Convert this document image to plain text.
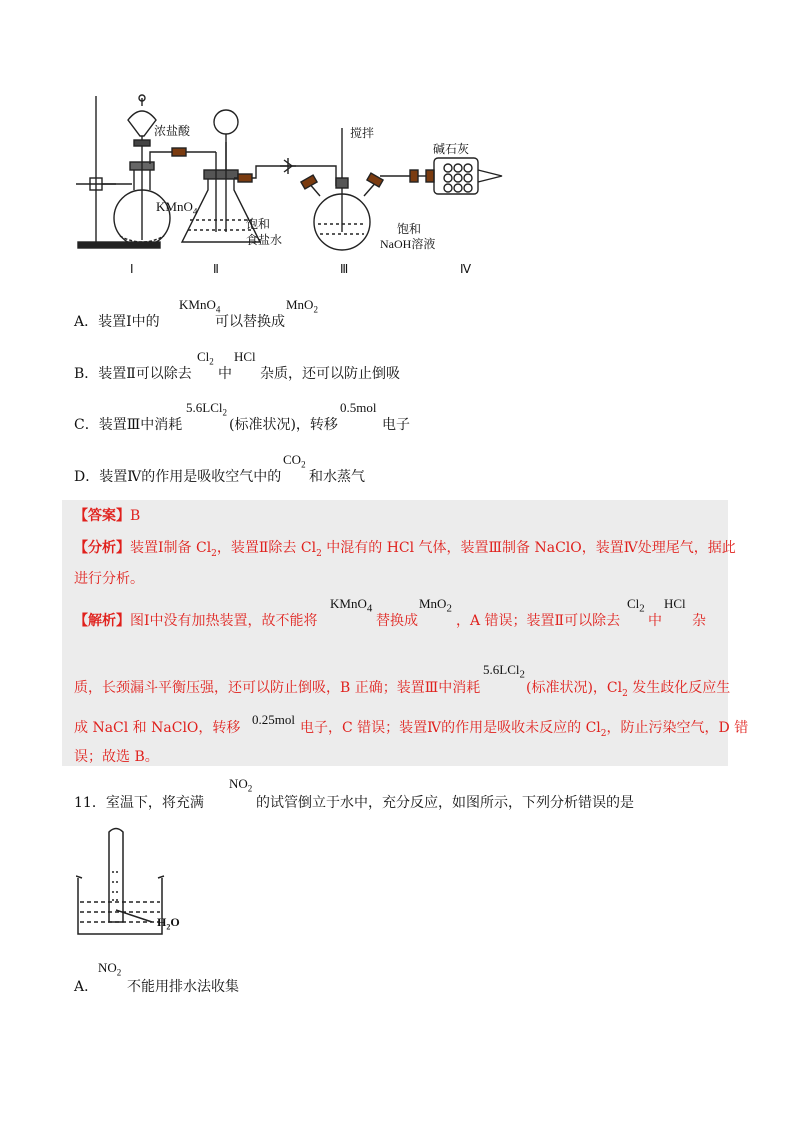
浓盐酸
KMnO$_4$
饱和
食盐水
搅拌
碱石灰
饱和
NaOH溶液
Ⅰ	Ⅱ	Ⅲ	Ⅳ
A．装置Ⅰ中的
KMnO$_4$
可以替换成
MnO$_2$
B．装置Ⅱ可以除去
$Cl_2$
中
HCl
杂质，还可以防止倒吸
C．装置Ⅲ中消耗
5.6LCl$_2$
(标准状况)，转移
0.5mol
电子
D．装置Ⅳ的作用是吸收空气中的
$CO_2$
和水蒸气
【答案】B
【分析】装置Ⅰ制备 $Cl_2$，装置Ⅱ除去 $Cl_2$ 中混有的 HCl 气体，装置Ⅲ制备 NaClO，装置Ⅳ处理尾气，据此
进行分析。
【解析】图Ⅰ中没有加热装置，故不能将
KMnO$_4$
替换成
MnO$_2$
，A 错误；装置Ⅱ可以除去
$Cl_2$
中
HCl
杂
质，长颈漏斗平衡压强，还可以防止倒吸，B 正确；装置Ⅲ中消耗
5.6LCl$_2$
(标准状况)，$Cl_2$ 发生歧化反应生
成 NaCl 和 NaClO，转移
0.25mol
电子，C 错误；装置Ⅳ的作用是吸收未反应的 $Cl_2$，防止污染空气，D 错
误；故选 B。
11．室温下，将充满
$NO_2$
的试管倒立于水中，充分反应，如图所示，下列分析错误的是
$H_2O$
A．
$NO_2$
不能用排水法收集
